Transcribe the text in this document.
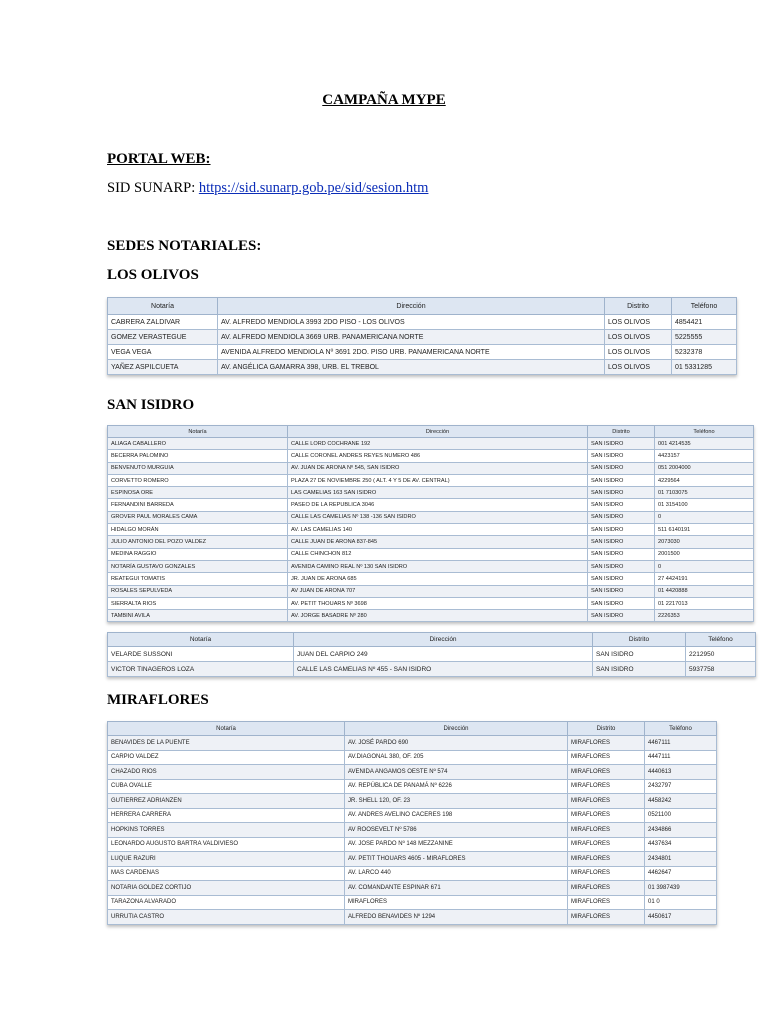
CAMPAÑA MYPE
PORTAL WEB:
SID SUNARP: https://sid.sunarp.gob.pe/sid/sesion.htm
SEDES NOTARIALES:
LOS OLIVOS
Notaría	Dirección	Distrito	Teléfono
CABRERA ZALDIVAR	AV. ALFREDO MENDIOLA 3993 2DO PISO - LOS OLIVOS	LOS OLIVOS	4854421
GOMEZ VERASTEGUE	AV. ALFREDO MENDIOLA 3669 URB. PANAMERICANA NORTE	LOS OLIVOS	5225555
VEGA VEGA	AVENIDA ALFREDO MENDIOLA Nº 3691 2DO. PISO URB. PANAMERICANA NORTE	LOS OLIVOS	5232378
YAÑEZ ASPILCUETA	AV. ANGÉLICA GAMARRA 398, URB. EL TREBOL	LOS OLIVOS	01 5331285
SAN ISIDRO
Notaría	Dirección	Distrito	Teléfono
ALIAGA CABALLERO	CALLE LORD COCHRANE 192	SAN ISIDRO	001 4214535
BECERRA PALOMINO	CALLE CORONEL ANDRES REYES NUMERO 486	SAN ISIDRO	4423157
BENVENUTO MURGUIA	AV. JUAN DE ARONA Nº 545, SAN ISIDRO	SAN ISIDRO	051 2004000
CORVETTO ROMERO	PLAZA 27 DE NOVIEMBRE 250 ( ALT. 4 Y 5 DE AV. CENTRAL)	SAN ISIDRO	4229564
ESPINOSA ORE	LAS CAMELIAS 163 SAN ISIDRO	SAN ISIDRO	01 7103075
FERNANDINI BARREDA	PASEO DE LA REPUBLICA 3046	SAN ISIDRO	01 3154100
GROVER PAUL MORALES CAMA	CALLE LAS CAMELIAS Nº 138 -136 SAN ISIDRO	SAN ISIDRO	0
HIDALGO MORÁN	AV. LAS CAMELIAS 140	SAN ISIDRO	511 6140191
JULIO ANTONIO DEL POZO VALDEZ	CALLE JUAN DE ARONA 837-845	SAN ISIDRO	2073030
MEDINA RAGGIO	CALLE CHINCHON 812	SAN ISIDRO	2001500
NOTARÍA GUSTAVO GONZALES	AVENIDA CAMINO REAL Nº 130 SAN ISIDRO	SAN ISIDRO	0
REATEGUI TOMATIS	JR. JUAN DE ARONA 685	SAN ISIDRO	27 4424191
ROSALES SEPULVEDA	AV JUAN DE ARONA 707	SAN ISIDRO	01 4420888
SIERRALTA RIOS	AV. PETIT THOUARS Nº 3698	SAN ISIDRO	01 2217013
TAMBINI AVILA	AV. JORGE BASADRE Nº 280	SAN ISIDRO	2226353
Notaría	Dirección	Distrito	Teléfono
VELARDE SUSSONI	JUAN DEL CARPIO 249	SAN ISIDRO	2212950
VICTOR TINAGEROS LOZA	CALLE LAS CAMELIAS Nº 455 - SAN ISIDRO	SAN ISIDRO	5937758
MIRAFLORES
Notaría	Dirección	Distrito	Teléfono
BENAVIDES DE LA PUENTE	AV. JOSÉ PARDO 690	MIRAFLORES	4467111
CARPIO VALDEZ	AV.DIAGONAL 380, OF. 205	MIRAFLORES	4447111
CHAZADO RIOS	AVENIDA ANGAMOS OESTE Nº 574	MIRAFLORES	4440613
CUBA OVALLE	AV. REPÚBLICA DE PANAMÁ Nº 6226	MIRAFLORES	2432797
GUTIERREZ ADRIANZEN	JR. SHELL 120, OF. 23	MIRAFLORES	4458242
HERRERA CARRERA	AV. ANDRES AVELINO CACERES 198	MIRAFLORES	0521100
HOPKINS TORRES	AV ROOSEVELT Nº 5786	MIRAFLORES	2434866
LEONARDO AUGUSTO BARTRA VALDIVIESO	AV. JOSE PARDO Nº 148 MEZZANINE	MIRAFLORES	4437634
LUQUE RAZURI	AV. PETIT THOUARS 4605 - MIRAFLORES	MIRAFLORES	2434801
MAS CARDENAS	AV. LARCO 440	MIRAFLORES	4462647
NOTARIA GOLDEZ CORTIJO	AV. COMANDANTE ESPINAR 671	MIRAFLORES	01 3987439
TARAZONA ALVARADO	MIRAFLORES	MIRAFLORES	01 0
URRUTIA CASTRO	ALFREDO BENAVIDES Nº 1294	MIRAFLORES	4450617
